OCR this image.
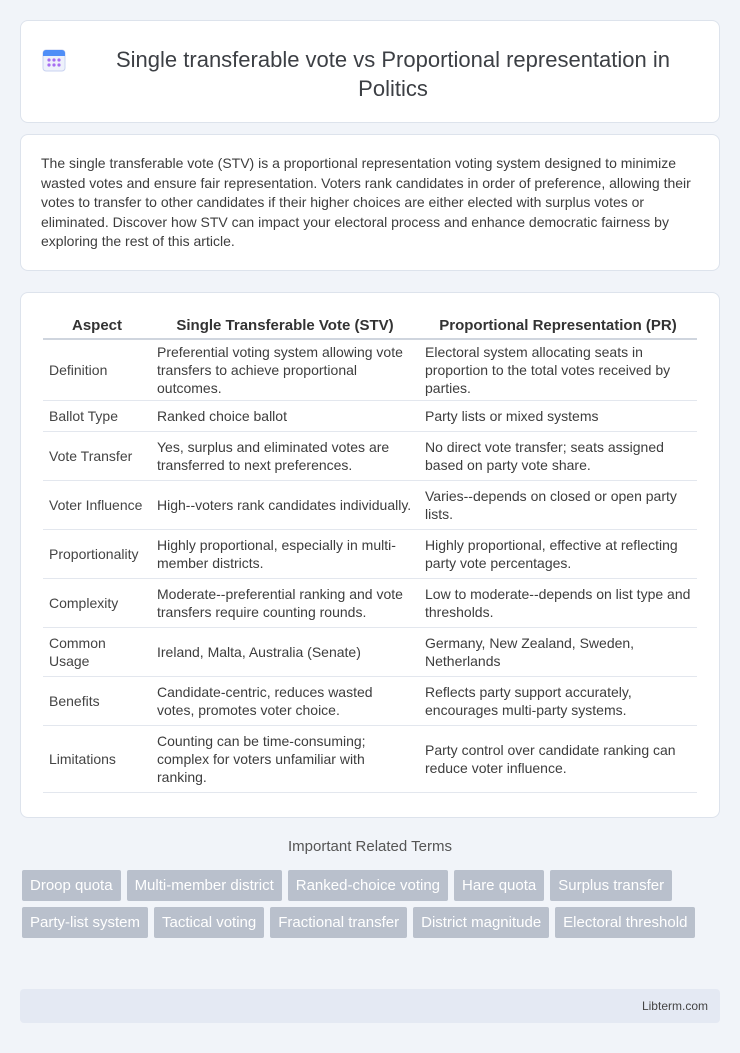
Single transferable vote vs Proportional representation in Politics

The single transferable vote (STV) is a proportional representation voting system designed to minimize wasted votes and ensure fair representation. Voters rank candidates in order of preference, allowing their votes to transfer to other candidates if their higher choices are either elected with surplus votes or eliminated. Discover how STV can impact your electoral process and enhance democratic fairness by exploring the rest of this article.

Aspect	Single Transferable Vote (STV)	Proportional Representation (PR)
Definition	Preferential voting system allowing vote transfers to achieve proportional outcomes.	Electoral system allocating seats in proportion to the total votes received by parties.
Ballot Type	Ranked choice ballot	Party lists or mixed systems
Vote Transfer	Yes, surplus and eliminated votes are transferred to next preferences.	No direct vote transfer; seats assigned based on party vote share.
Voter Influence	High--voters rank candidates individually.	Varies--depends on closed or open party lists.
Proportionality	Highly proportional, especially in multi-member districts.	Highly proportional, effective at reflecting party vote percentages.
Complexity	Moderate--preferential ranking and vote transfers require counting rounds.	Low to moderate--depends on list type and thresholds.
Common Usage	Ireland, Malta, Australia (Senate)	Germany, New Zealand, Sweden, Netherlands
Benefits	Candidate-centric, reduces wasted votes, promotes voter choice.	Reflects party support accurately, encourages multi-party systems.
Limitations	Counting can be time-consuming; complex for voters unfamiliar with ranking.	Party control over candidate ranking can reduce voter influence.
Important Related Terms
Droop quota	Multi-member district	Ranked-choice voting	Hare quota	Surplus transfer
Party-list system	Tactical voting	Fractional transfer	District magnitude	Electoral threshold
Libterm.com
